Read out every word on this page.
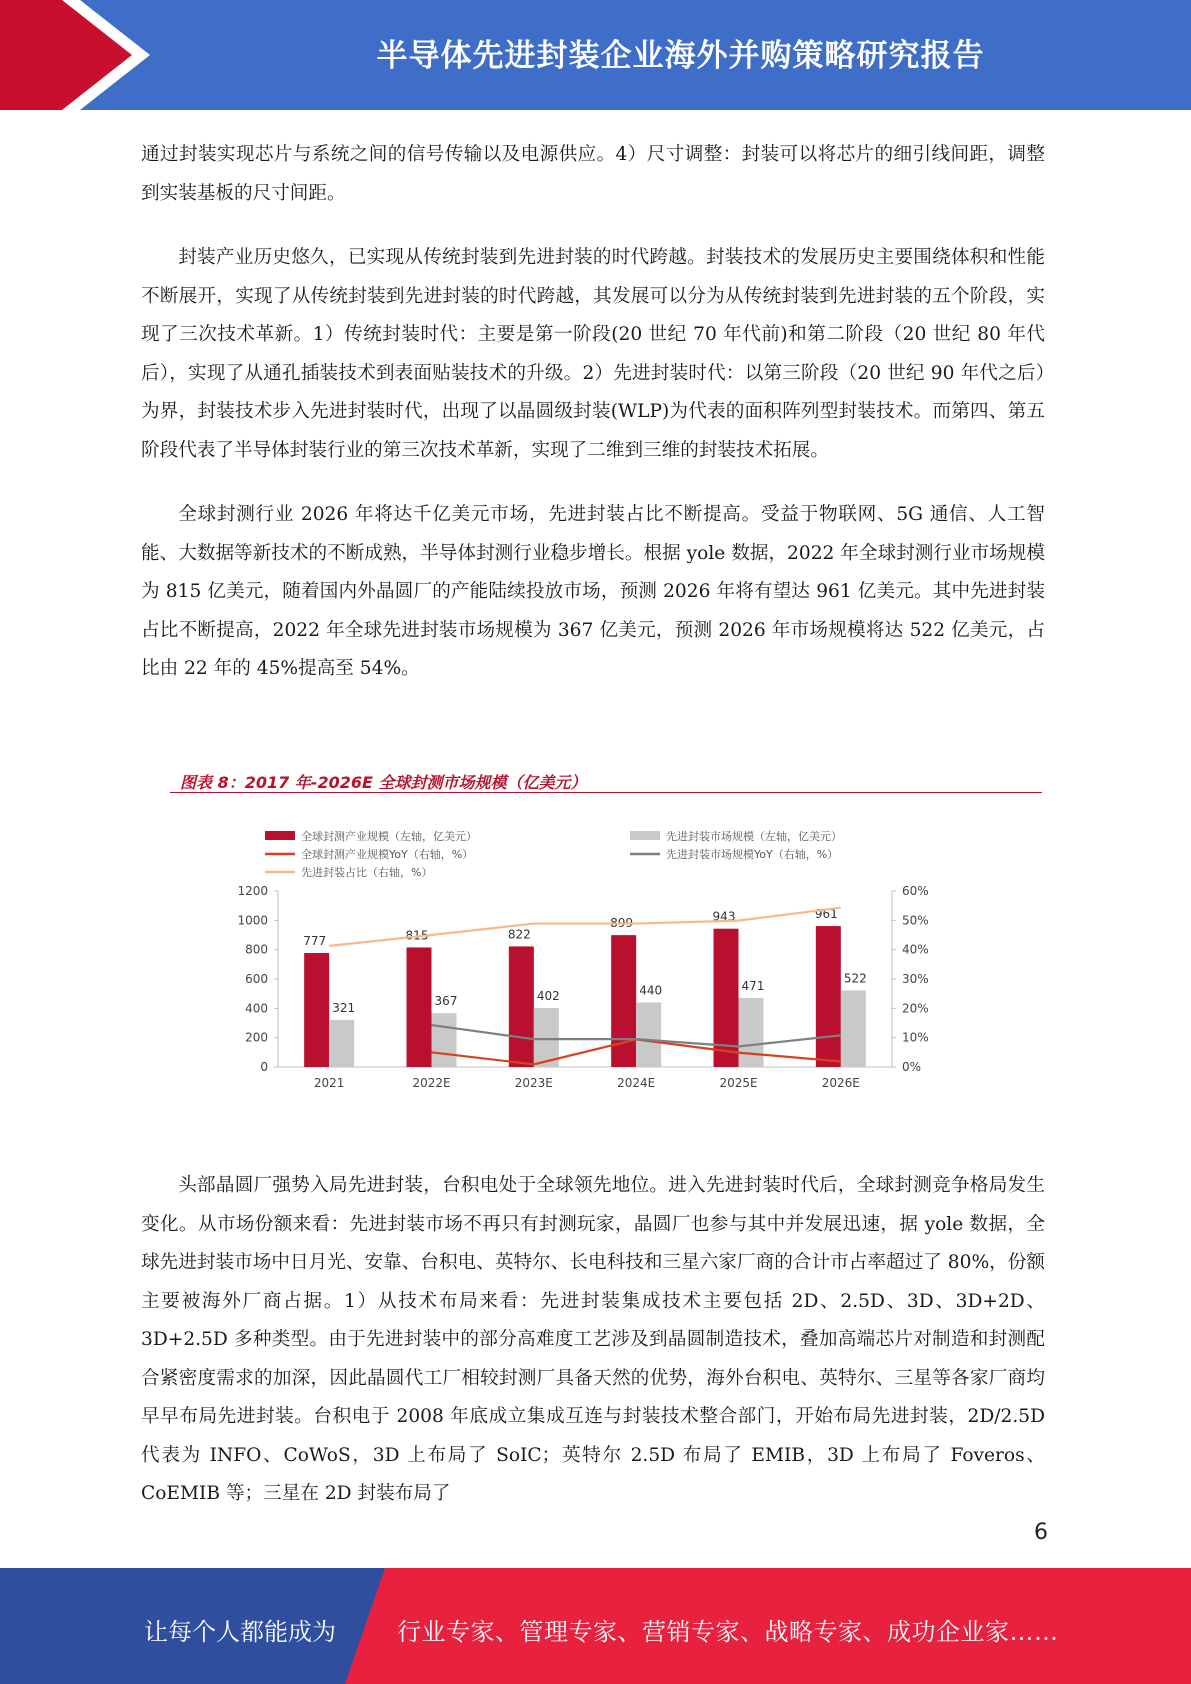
半导体先进封装企业海外并购策略研究报告

通过封装实现芯片与系统之间的信号传输以及电源供应。4）尺寸调整：封装可以将芯片的细引线间距，调整到实装基板的尺寸间距。

封装产业历史悠久，已实现从传统封装到先进封装的时代跨越。封装技术的发展历史主要围绕体积和性能不断展开，实现了从传统封装到先进封装的时代跨越，其发展可以分为从传统封装到先进封装的五个阶段，实现了三次技术革新。1）传统封装时代：主要是第一阶段(20 世纪 70 年代前)和第二阶段（20 世纪 80 年代后），实现了从通孔插装技术到表面贴装技术的升级。2）先进封装时代：以第三阶段（20 世纪 90 年代之后）为界，封装技术步入先进封装时代，出现了以晶圆级封装(WLP)为代表的面积阵列型封装技术。而第四、第五阶段代表了半导体封装行业的第三次技术革新，实现了二维到三维的封装技术拓展。

全球封测行业 2026 年将达千亿美元市场，先进封装占比不断提高。受益于物联网、5G 通信、人工智能、大数据等新技术的不断成熟，半导体封测行业稳步增长。根据 yole 数据，2022 年全球封测行业市场规模为 815 亿美元，随着国内外晶圆厂的产能陆续投放市场，预测 2026 年将有望达 961 亿美元。其中先进封装占比不断提高，2022 年全球先进封装市场规模为 367 亿美元，预测 2026 年市场规模将达 522 亿美元，占比由 22 年的 45%提高至 54%。

图表 8：2017 年-2026E 全球封测市场规模（亿美元）
全球封测产业规模（左轴，亿美元）	先进封装市场规模（左轴，亿美元）
全球封测产业规模YoY（右轴，%）	先进封装市场规模YoY（右轴，%）
先进封装占比（右轴，%）
0
200
400
600
800
1000
1200
0%
10%
20%
30%
40%
50%
60%
2021	2022E	2023E	2024E	2025E	2026E
777	815	822
899	943	961
321	367	402	440	471
522

头部晶圆厂强势入局先进封装，台积电处于全球领先地位。进入先进封装时代后，全球封测竞争格局发生变化。从市场份额来看：先进封装市场不再只有封测玩家，晶圆厂也参与其中并发展迅速，据 yole 数据，全球先进封装市场中日月光、安靠、台积电、英特尔、长电科技和三星六家厂商的合计市占率超过了 80%，份额主要被海外厂商占据。1）从技术布局来看：先进封装集成技术主要包括 2D、2.5D、3D、3D+2D、3D+2.5D 多种类型。由于先进封装中的部分高难度工艺涉及到晶圆制造技术，叠加高端芯片对制造和封测配合紧密度需求的加深，因此晶圆代工厂相较封测厂具备天然的优势，海外台积电、英特尔、三星等各家厂商均早早布局先进封装。台积电于 2008 年底成立集成互连与封装技术整合部门，开始布局先进封装，2D/2.5D 代表为 INFO、CoWoS，3D 上布局了 SoIC；英特尔 2.5D 布局了 EMIB，3D 上布局了 Foveros、CoEMIB 等；三星在 2D 封装布局了

6
让每个人都能成为	行业专家、管理专家、营销专家、战略专家、成功企业家……
